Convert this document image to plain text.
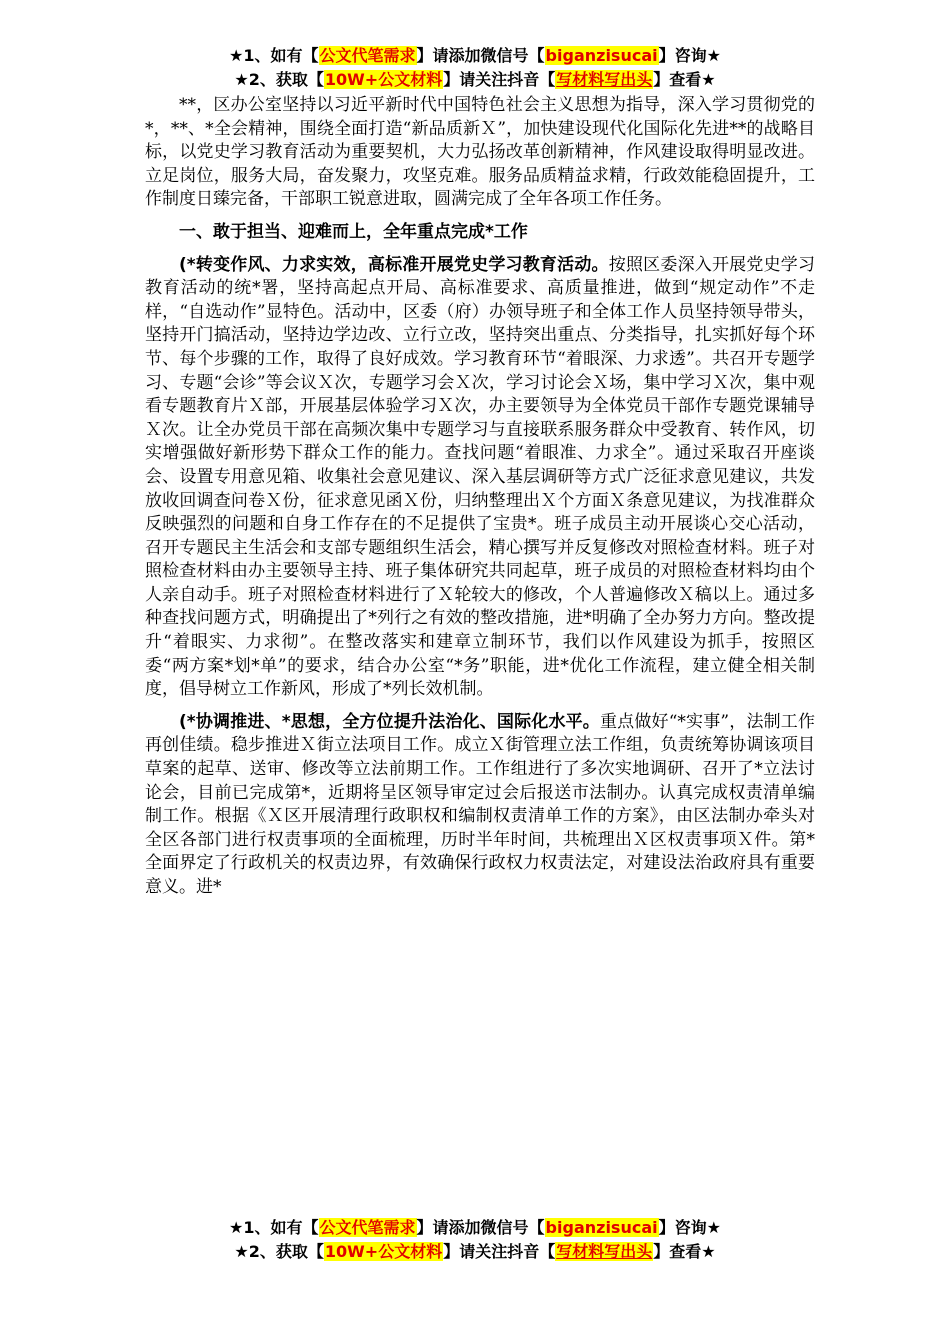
★1、如有【公文代笔需求】请添加微信号【biganzisucai】咨询★
★2、获取【10W+公文材料】请关注抖音【写材料写出头】查看★

**，区办公室坚持以习近平新时代中国特色社会主义思想为指导，深入学习贯彻党的*，**、*全会精神，围绕全面打造“新品质新Ｘ”，加快建设现代化国际化先进**的战略目标，以党史学习教育活动为重要契机，大力弘扬改革创新精神，作风建设取得明显改进。立足岗位，服务大局，奋发聚力，攻坚克难。服务品质精益求精，行政效能稳固提升，工作制度日臻完备，干部职工锐意进取，圆满完成了全年各项工作任务。

一、敢于担当、迎难而上，全年重点完成*工作

(*转变作风、力求实效，高标准开展党史学习教育活动。按照区委深入开展党史学习教育活动的统*署，坚持高起点开局、高标准要求、高质量推进，做到“规定动作”不走样，“自选动作”显特色。活动中，区委（府）办领导班子和全体工作人员坚持领导带头，坚持开门搞活动，坚持边学边改、立行立改，坚持突出重点、分类指导，扎实抓好每个环节、每个步骤的工作，取得了良好成效。学习教育环节“着眼深、力求透”。共召开专题学习、专题“会诊”等会议Ｘ次，专题学习会Ｘ次，学习讨论会Ｘ场，集中学习Ｘ次，集中观看专题教育片Ｘ部，开展基层体验学习Ｘ次，办主要领导为全体党员干部作专题党课辅导Ｘ次。让全办党员干部在高频次集中专题学习与直接联系服务群众中受教育、转作风，切实增强做好新形势下群众工作的能力。查找问题“着眼准、力求全”。通过采取召开座谈会、设置专用意见箱、收集社会意见建议、深入基层调研等方式广泛征求意见建议，共发放收回调查问卷Ｘ份，征求意见函Ｘ份，归纳整理出Ｘ个方面Ｘ条意见建议，为找准群众反映强烈的问题和自身工作存在的不足提供了宝贵*。班子成员主动开展谈心交心活动，召开专题民主生活会和支部专题组织生活会，精心撰写并反复修改对照检查材料。班子对照检查材料由办主要领导主持、班子集体研究共同起草，班子成员的对照检查材料均由个人亲自动手。班子对照检查材料进行了Ｘ轮较大的修改，个人普遍修改Ｘ稿以上。通过多种查找问题方式，明确提出了*列行之有效的整改措施，进*明确了全办努力方向。整改提升“着眼实、力求彻”。在整改落实和建章立制环节，我们以作风建设为抓手，按照区委“两方案*划*单”的要求，结合办公室“*务”职能，进*优化工作流程，建立健全相关制度，倡导树立工作新风，形成了*列长效机制。

(*协调推进、*思想，全方位提升法治化、国际化水平。重点做好“*实事”，法制工作再创佳绩。稳步推进Ｘ街立法项目工作。成立Ｘ街管理立法工作组，负责统筹协调该项目草案的起草、送审、修改等立法前期工作。工作组进行了多次实地调研、召开了*立法讨论会，目前已完成第*，近期将呈区领导审定过会后报送市法制办。认真完成权责清单编制工作。根据《Ｘ区开展清理行政职权和编制权责清单工作的方案》，由区法制办牵头对全区各部门进行权责事项的全面梳理，历时半年时间，共梳理出Ｘ区权责事项Ｘ件。第*全面界定了行政机关的权责边界，有效确保行政权力权责法定，对建设法治政府具有重要意义。进*

★1、如有【公文代笔需求】请添加微信号【biganzisucai】咨询★
★2、获取【10W+公文材料】请关注抖音【写材料写出头】查看★
